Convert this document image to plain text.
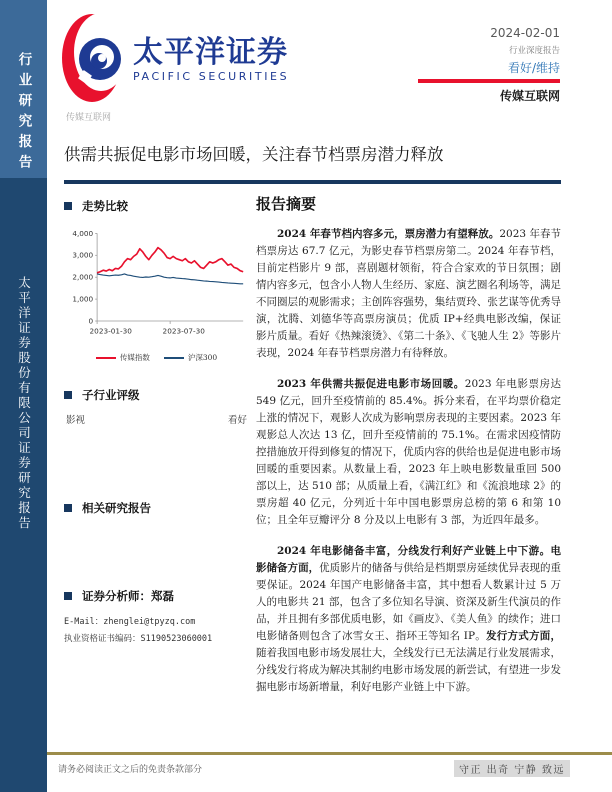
行业研究报告
太平洋证券股份有限公司证券研究报告
太平洋证券
PACIFIC SECURITIES
2024-02-01
行业深度报告
看好/维持
传媒互联网
传媒互联网
供需共振促电影市场回暖，关注春节档票房潜力释放
走势比较
0
1,000
2,000
3,000
4,000
2023-01-30	2023-07-30
传媒指数	沪深300
子行业评级
影视	看好
相关研究报告
证券分析师：郑磊
E-Mail：zhenglei@tpyzq.com
执业资格证书编码：S1190523060001
报告摘要

2024 年春节档内容多元，票房潜力有望释放。2023 年春节档票房达 67.7 亿元，为影史春节档票房第二。2024 年春节档，目前定档影片 9 部，喜剧题材领衔，符合合家欢的节日氛围；剧情内容多元，包含小人物人生经历、家庭、演艺圈名利场等，满足不同圈层的观影需求；主创阵容强势，集结贾玲、张艺谋等优秀导演，沈腾、刘德华等高票房演员；优质 IP+经典电影改编，保证影片质量。看好《热辣滚烫》、《第二十条》、《飞驰人生 2》等影片表现，2024 年春节档票房潜力有待释放。

2023 年供需共振促进电影市场回暖。2023 年电影票房达 549 亿元，回升至疫情前的 85.4%。拆分来看，在平均票价稳定上涨的情况下，观影人次成为影响票房表现的主要因素。2023 年观影总人次达 13 亿，回升至疫情前的 75.1%。在需求因疫情防控措施放开得到修复的情况下，优质内容的供给也是促进电影市场回暖的重要因素。从数量上看，2023 年上映电影数量重回 500 部以上，达 510 部；从质量上看，《满江红》和《流浪地球 2》的票房超 40 亿元，分列近十年中国电影票房总榜的第 6 和第 10 位；且全年豆瓣评分 8 分及以上电影有 3 部，为近四年最多。

2024 年电影储备丰富，分线发行利好产业链上中下游。电影储备方面，优质影片的储备与供给是档期票房延续优异表现的重要保证。2024 年国产电影储备丰富，其中想看人数累计过 5 万人的电影共 21 部，包含了多位知名导演、资深及新生代演员的作品，并且拥有多部优质电影，如《画皮》、《美人鱼》的续作；进口电影储备则包含了冰雪女王、指环王等知名 IP。发行方式方面，随着我国电影市场发展壮大，全线发行已无法满足行业发展需求，分线发行将成为解决其制约电影市场发展的新尝试，有望进一步发掘电影市场新增量，利好电影产业链上中下游。

请务必阅读正文之后的免责条款部分	守正 出奇 宁静 致远
